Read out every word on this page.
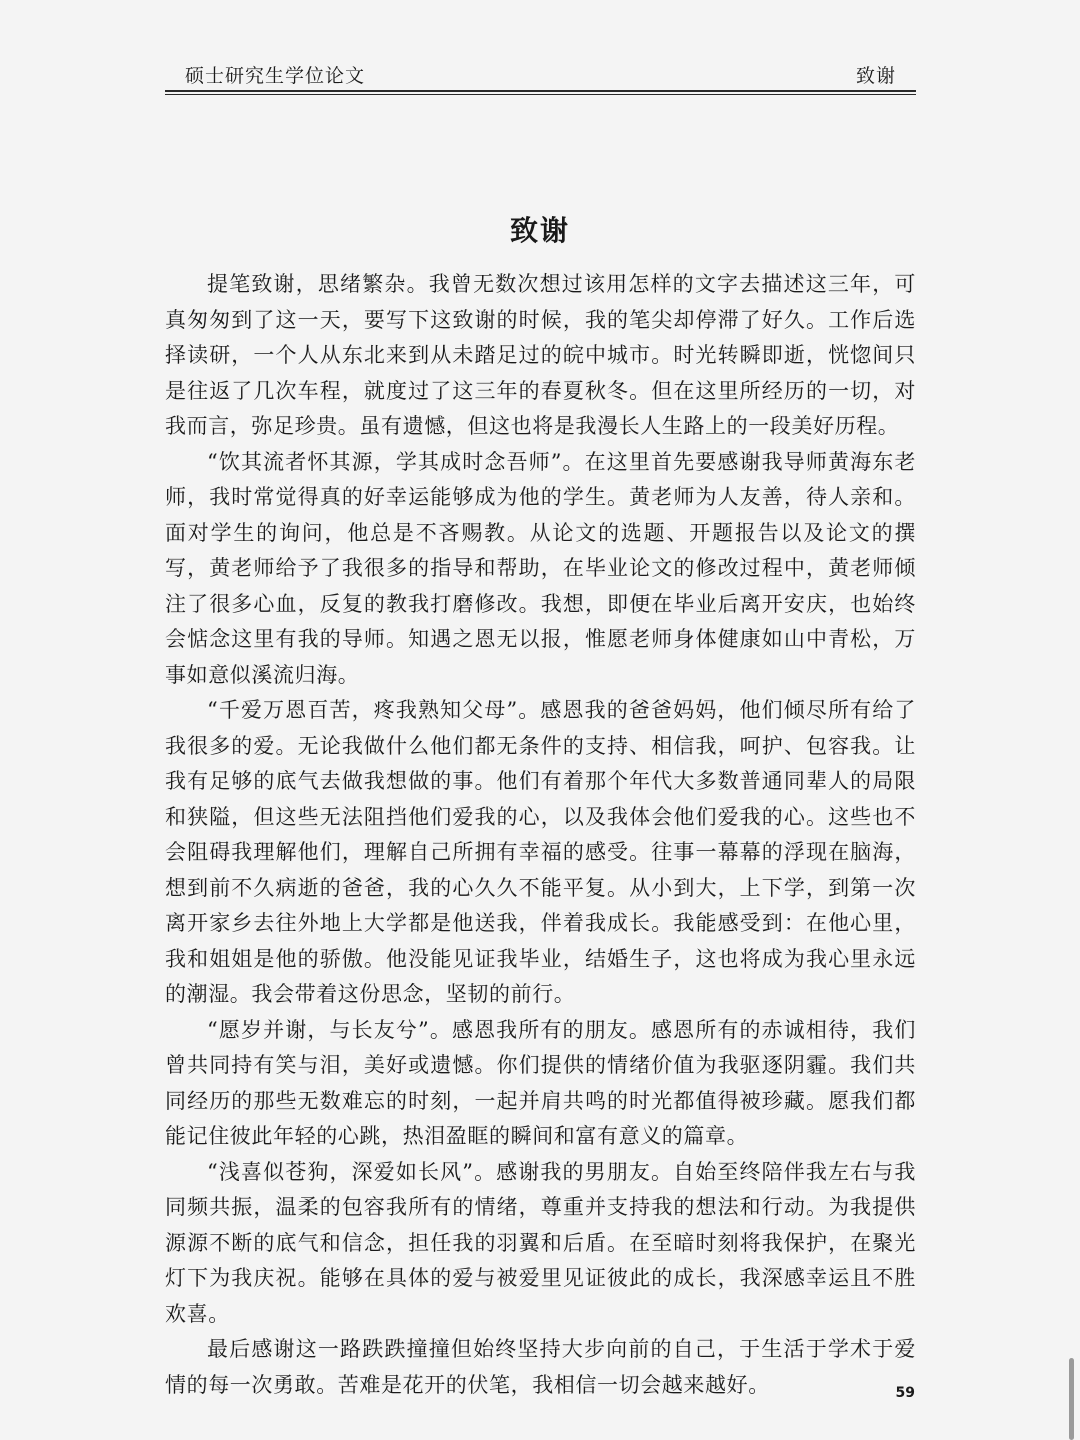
硕士研究生学位论文	致谢
致谢

提笔致谢，思绪繁杂。我曾无数次想过该用怎样的文字去描述这三年，可真匆匆到了这一天，要写下这致谢的时候，我的笔尖却停滞了好久。工作后选择读研，一个人从东北来到从未踏足过的皖中城市。时光转瞬即逝，恍惚间只是往返了几次车程，就度过了这三年的春夏秋冬。但在这里所经历的一切，对我而言，弥足珍贵。虽有遗憾，但这也将是我漫长人生路上的一段美好历程。

“饮其流者怀其源，学其成时念吾师”。在这里首先要感谢我导师黄海东老师，我时常觉得真的好幸运能够成为他的学生。黄老师为人友善，待人亲和。面对学生的询问，他总是不吝赐教。从论文的选题、开题报告以及论文的撰写，黄老师给予了我很多的指导和帮助，在毕业论文的修改过程中，黄老师倾注了很多心血，反复的教我打磨修改。我想，即便在毕业后离开安庆，也始终会惦念这里有我的导师。知遇之恩无以报，惟愿老师身体健康如山中青松，万事如意似溪流归海。

“千爱万恩百苦，疼我熟知父母”。感恩我的爸爸妈妈，他们倾尽所有给了我很多的爱。无论我做什么他们都无条件的支持、相信我，呵护、包容我。让我有足够的底气去做我想做的事。他们有着那个年代大多数普通同辈人的局限和狭隘，但这些无法阻挡他们爱我的心，以及我体会他们爱我的心。这些也不会阻碍我理解他们，理解自己所拥有幸福的感受。往事一幕幕的浮现在脑海，想到前不久病逝的爸爸，我的心久久不能平复。从小到大，上下学，到第一次离开家乡去往外地上大学都是他送我，伴着我成长。我能感受到：在他心里，我和姐姐是他的骄傲。他没能见证我毕业，结婚生子，这也将成为我心里永远的潮湿。我会带着这份思念，坚韧的前行。

“愿岁并谢，与长友兮”。感恩我所有的朋友。感恩所有的赤诚相待，我们曾共同持有笑与泪，美好或遗憾。你们提供的情绪价值为我驱逐阴霾。我们共同经历的那些无数难忘的时刻，一起并肩共鸣的时光都值得被珍藏。愿我们都能记住彼此年轻的心跳，热泪盈眶的瞬间和富有意义的篇章。

“浅喜似苍狗，深爱如长风”。感谢我的男朋友。自始至终陪伴我左右与我同频共振，温柔的包容我所有的情绪，尊重并支持我的想法和行动。为我提供源源不断的底气和信念，担任我的羽翼和后盾。在至暗时刻将我保护，在聚光灯下为我庆祝。能够在具体的爱与被爱里见证彼此的成长，我深感幸运且不胜欢喜。

最后感谢这一路跌跌撞撞但始终坚持大步向前的自己，于生活于学术于爱情的每一次勇敢。苦难是花开的伏笔，我相信一切会越来越好。	59
